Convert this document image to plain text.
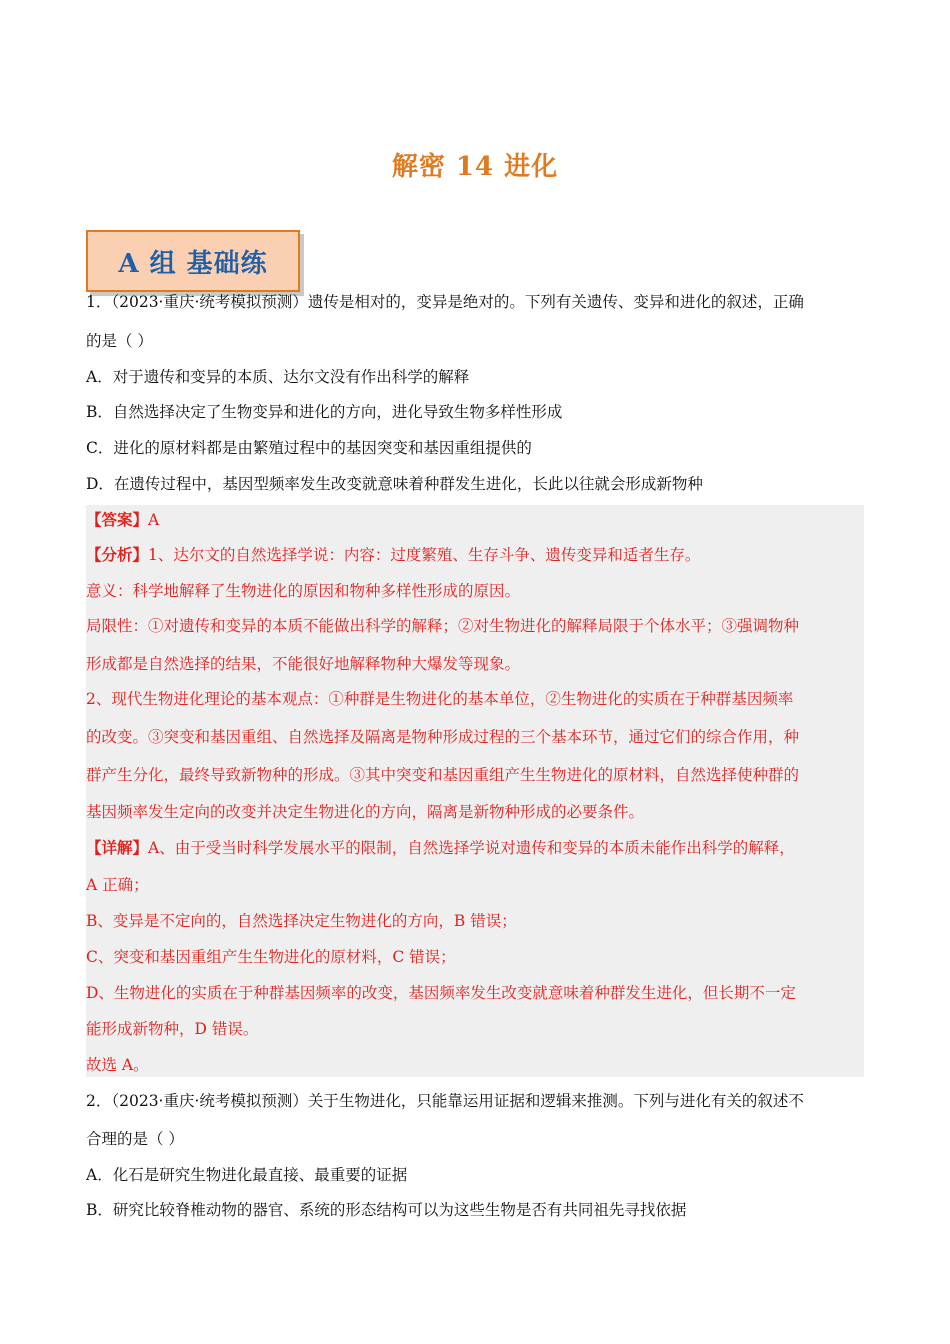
解密 14 进化
A 组 基础练
1．（2023·重庆·统考模拟预测）遗传是相对的，变异是绝对的。下列有关遗传、变异和进化的叙述，正确
的是（ ）
A．对于遗传和变异的本质、达尔文没有作出科学的解释
B．自然选择决定了生物变异和进化的方向，进化导致生物多样性形成
C．进化的原材料都是由繁殖过程中的基因突变和基因重组提供的
D．在遗传过程中，基因型频率发生改变就意味着种群发生进化，长此以往就会形成新物种
【答案】A
【分析】1、达尔文的自然选择学说：内容：过度繁殖、生存斗争、遗传变异和适者生存。
意义：科学地解释了生物进化的原因和物种多样性形成的原因。
局限性：①对遗传和变异的本质不能做出科学的解释；②对生物进化的解释局限于个体水平；③强调物种
形成都是自然选择的结果，不能很好地解释物种大爆发等现象。
2、现代生物进化理论的基本观点：①种群是生物进化的基本单位，②生物进化的实质在于种群基因频率
的改变。③突变和基因重组、自然选择及隔离是物种形成过程的三个基本环节，通过它们的综合作用，种
群产生分化，最终导致新物种的形成。③其中突变和基因重组产生生物进化的原材料，自然选择使种群的
基因频率发生定向的改变并决定生物进化的方向，隔离是新物种形成的必要条件。
【详解】A、由于受当时科学发展水平的限制，自然选择学说对遗传和变异的本质未能作出科学的解释，
A 正确；
B、变异是不定向的，自然选择决定生物进化的方向，B 错误；
C、突变和基因重组产生生物进化的原材料，C 错误；
D、生物进化的实质在于种群基因频率的改变，基因频率发生改变就意味着种群发生进化，但长期不一定
能形成新物种，D 错误。
故选 A。
2．（2023·重庆·统考模拟预测）关于生物进化，只能靠运用证据和逻辑来推测。下列与进化有关的叙述不
合理的是（ ）
A．化石是研究生物进化最直接、最重要的证据
B．研究比较脊椎动物的器官、系统的形态结构可以为这些生物是否有共同祖先寻找依据
